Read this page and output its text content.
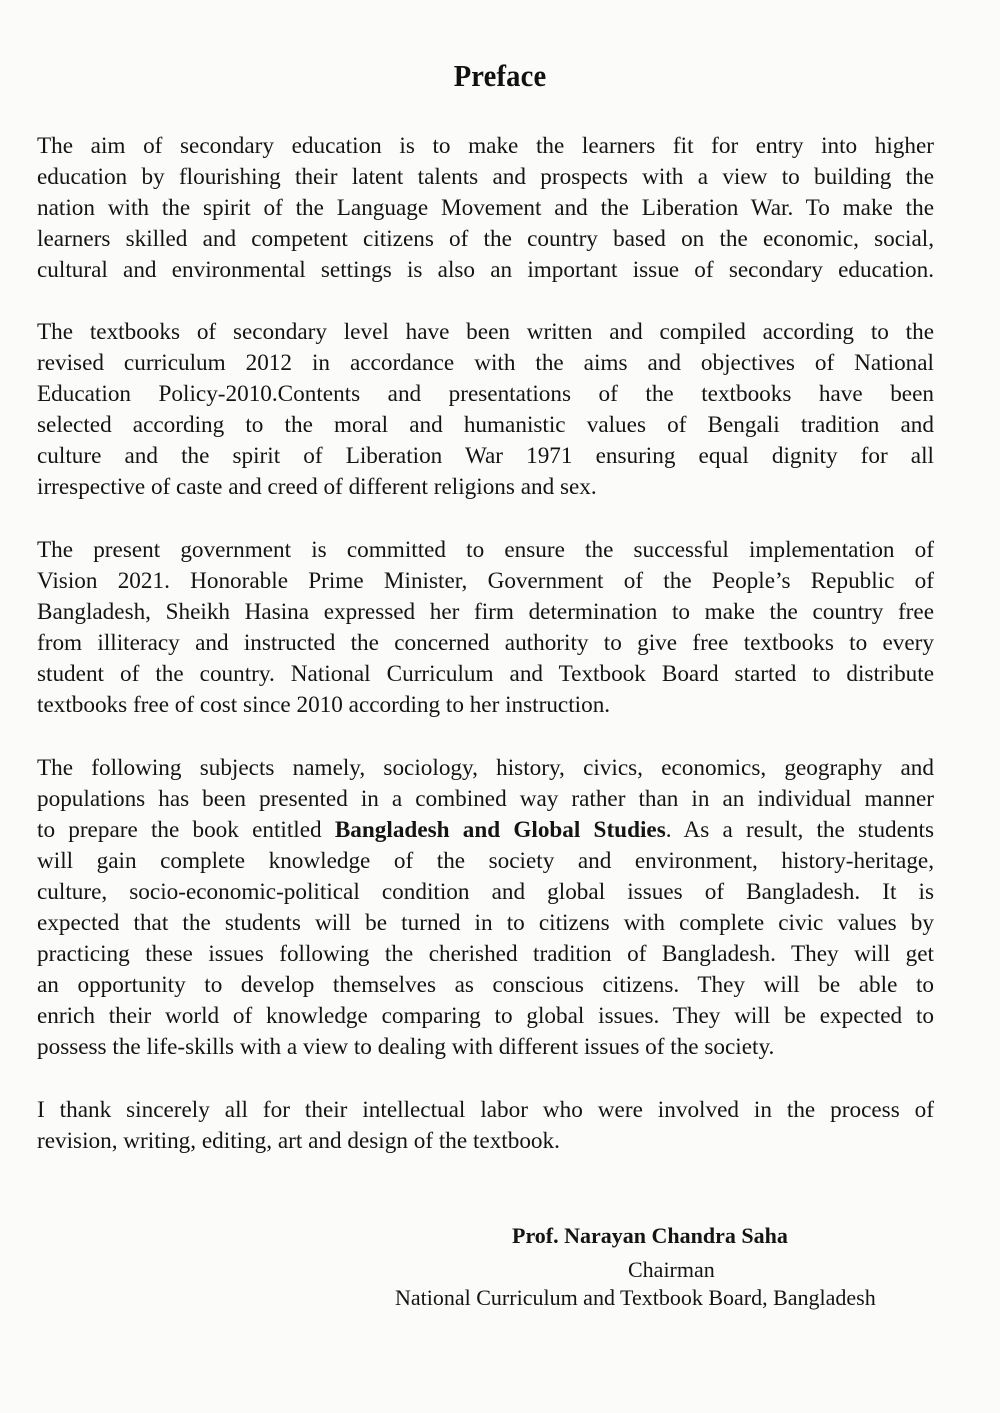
Preface
The aim of secondary education is to make the learners fit for entry into higher
education by flourishing their latent talents and prospects with a view to building the
nation with the spirit of the Language Movement and the Liberation War. To make the
learners skilled and competent citizens of the country based on the economic, social,
cultural and environmental settings is also an important issue of secondary education.
The textbooks of secondary level have been written and compiled according to the
revised curriculum 2012 in accordance with the aims and objectives of National
Education Policy-2010.Contents and presentations of the textbooks have been
selected according to the moral and humanistic values of Bengali tradition and
culture and the spirit of Liberation War 1971 ensuring equal dignity for all
irrespective of caste and creed of different religions and sex.
The present government is committed to ensure the successful implementation of
Vision 2021. Honorable Prime Minister, Government of the People’s Republic of
Bangladesh, Sheikh Hasina expressed her firm determination to make the country free
from illiteracy and instructed the concerned authority to give free textbooks to every
student of the country. National Curriculum and Textbook Board started to distribute
textbooks free of cost since 2010 according to her instruction.
The following subjects namely, sociology, history, civics, economics, geography and
populations has been presented in a combined way rather than in an individual manner
to prepare the book entitled Bangladesh and Global Studies. As a result, the students
will gain complete knowledge of the society and environment, history-heritage,
culture, socio-economic-political condition and global issues of Bangladesh. It is
expected that the students will be turned in to citizens with complete civic values by
practicing these issues following the cherished tradition of Bangladesh. They will get
an opportunity to develop themselves as conscious citizens. They will be able to
enrich their world of knowledge comparing to global issues. They will be expected to
possess the life-skills with a view to dealing with different issues of the society.
I thank sincerely all for their intellectual labor who were involved in the process of
revision, writing, editing, art and design of the textbook.

Prof. Narayan Chandra Saha

Chairman

National Curriculum and Textbook Board, Bangladesh
